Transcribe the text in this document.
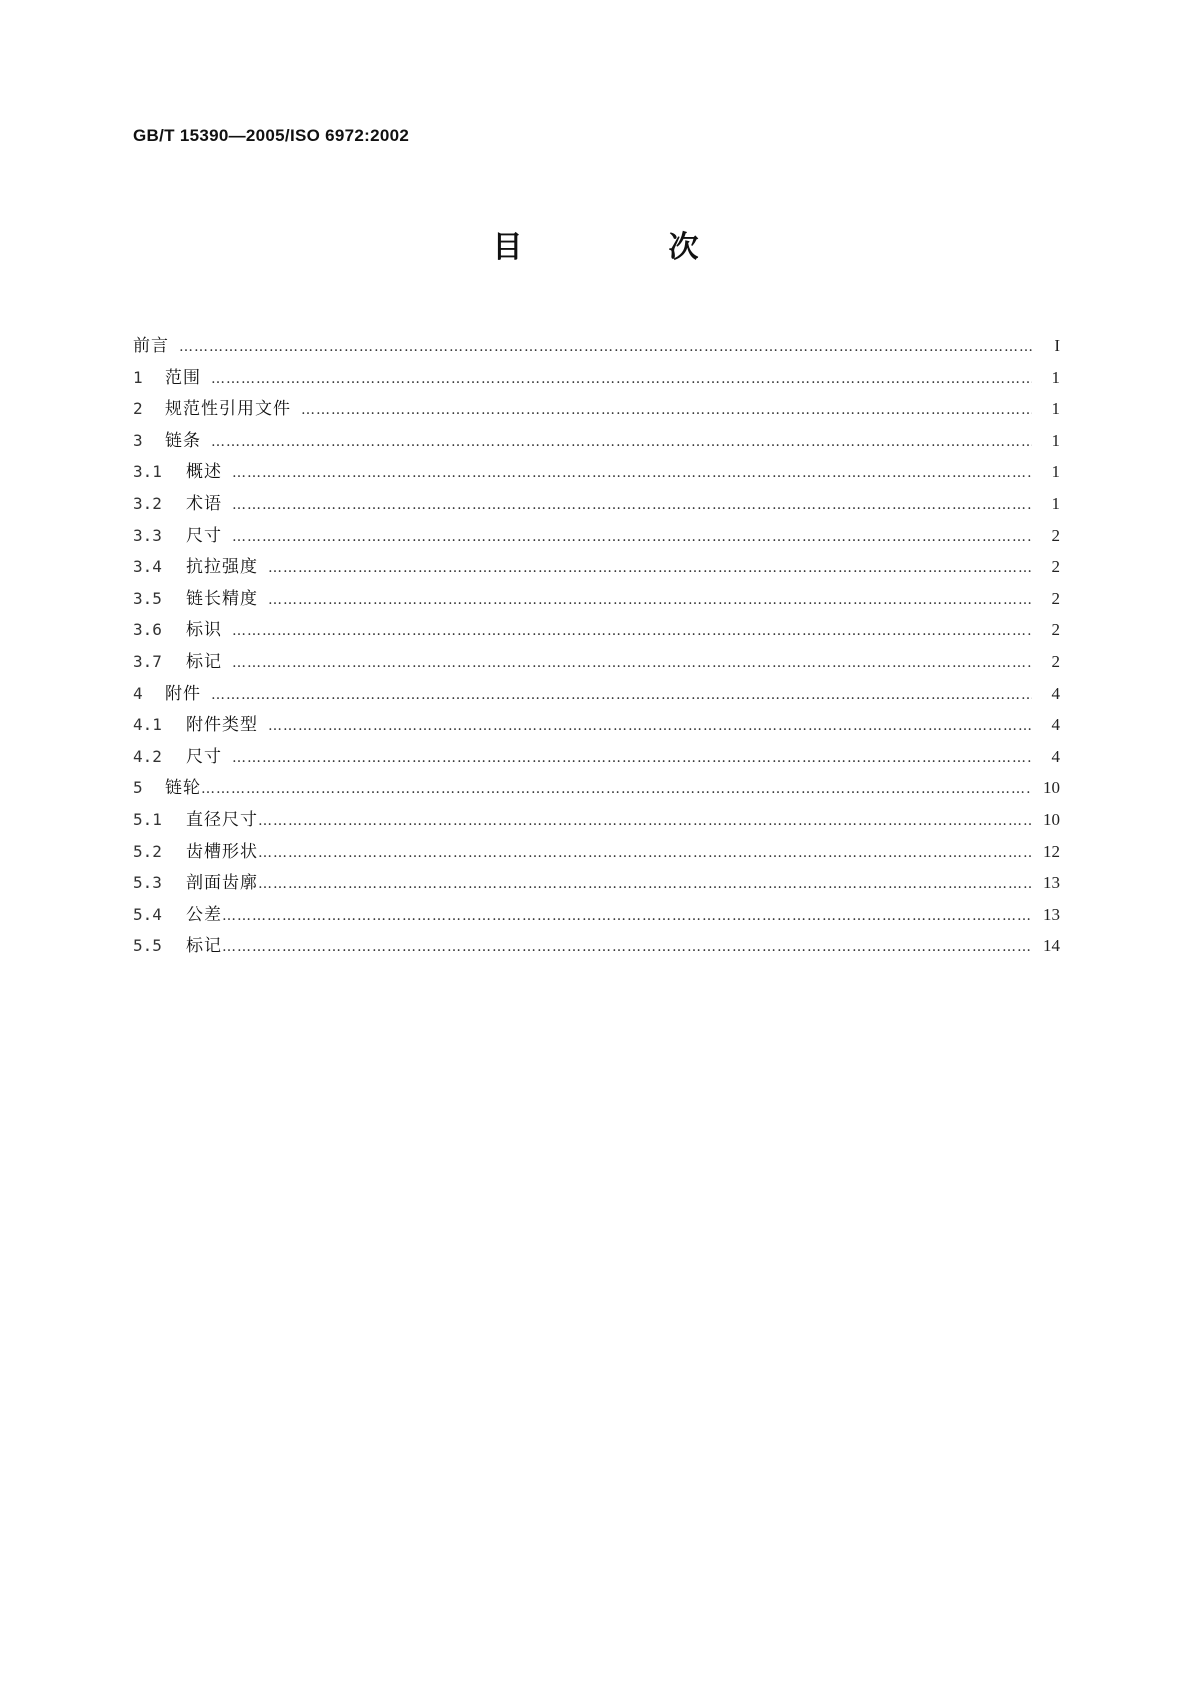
GB/T 15390—2005/ISO 6972:2002
目　次
前言 ……………………………………………………………………………………………………………………………………………………………………………………………………………………………	I
1	范围 ……………………………………………………………………………………………………………………………………………………………………………………………………………………………	1
2	规范性引用文件 ……………………………………………………………………………………………………………………………………………………………………………………………………………………………	1
3	链条 ……………………………………………………………………………………………………………………………………………………………………………………………………………………………	1
3.1	概述 ……………………………………………………………………………………………………………………………………………………………………………………………………………………………	1
3.2	术语 ……………………………………………………………………………………………………………………………………………………………………………………………………………………………	1
3.3	尺寸 ……………………………………………………………………………………………………………………………………………………………………………………………………………………………	2
3.4	抗拉强度 ……………………………………………………………………………………………………………………………………………………………………………………………………………………………	2
3.5	链长精度 ……………………………………………………………………………………………………………………………………………………………………………………………………………………………	2
3.6	标识 ……………………………………………………………………………………………………………………………………………………………………………………………………………………………	2
3.7	标记 ……………………………………………………………………………………………………………………………………………………………………………………………………………………………	2
4	附件 ……………………………………………………………………………………………………………………………………………………………………………………………………………………………	4
4.1	附件类型 ……………………………………………………………………………………………………………………………………………………………………………………………………………………………	4
4.2	尺寸 ……………………………………………………………………………………………………………………………………………………………………………………………………………………………	4
5	链轮 ……………………………………………………………………………………………………………………………………………………………………………………………………………………………	10
5.1	直径尺寸 ……………………………………………………………………………………………………………………………………………………………………………………………………………………………	10
5.2	齿槽形状 ……………………………………………………………………………………………………………………………………………………………………………………………………………………………	12
5.3	剖面齿廓 ……………………………………………………………………………………………………………………………………………………………………………………………………………………………	13
5.4	公差 ……………………………………………………………………………………………………………………………………………………………………………………………………………………………	13
5.5	标记 ……………………………………………………………………………………………………………………………………………………………………………………………………………………………	14
